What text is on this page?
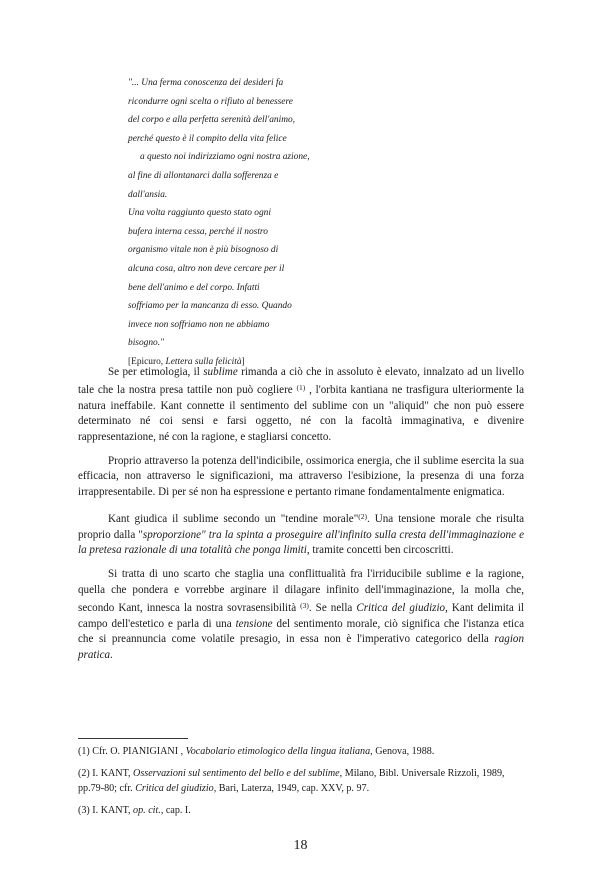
"... Una ferma conoscenza dei desideri fa
ricondurre ogni scelta o rifiuto al benessere
del corpo e alla perfetta serenità dell'animo,
perché questo è il compito della vita felice
a questo noi indirizziamo ogni nostra azione,
al fine di allontanarci dalla sofferenza e
dall'ansia.
Una volta raggiunto questo stato ogni
bufera interna cessa, perché il nostro
organismo vitale non è più bisognoso di
alcuna cosa, altro non deve cercare per il
bene dell'animo e del corpo. Infatti
soffriamo per la mancanza di esso. Quando
invece non soffriamo non ne abbiamo
bisogno."
[Epicuro, Lettera sulla felicità]

Se per etimologia, il sublime rimanda a ciò che in assoluto è elevato, innalzato ad un livello tale che la nostra presa tattile non può cogliere $^{(1)}$ , l'orbita kantiana ne trasfigura ulteriormente la natura ineffabile. Kant connette il sentimento del sublime con un "aliquid" che non può essere determinato né coi sensi e farsi oggetto, né con la facoltà immaginativa, e divenire rappresentazione, né con la ragione, e stagliarsi concetto.

Proprio attraverso la potenza dell'indicibile, ossimorica energia, che il sublime esercita la sua efficacia, non attraverso le significazioni, ma attraverso l'esibizione, la presenza di una forza irrappresentabile. Di per sé non ha espressione e pertanto rimane fondamentalmente enigmatica.

Kant giudica il sublime secondo un "tendine morale"$^{(2)}$. Una tensione morale che risulta proprio dalla "sproporzione" tra la spinta a proseguire all'infinito sulla cresta dell'immaginazione e la pretesa razionale di una totalità che ponga limiti, tramite concetti ben circoscritti.

Si tratta di uno scarto che staglia una conflittualità fra l'irriducibile sublime e la ragione, quella che pondera e vorrebbe arginare il dilagare infinito dell'immaginazione, la molla che, secondo Kant, innesca la nostra sovrasensibilità $^{(3)}$. Se nella Critica del giudizio, Kant delimita il campo dell'estetico e parla di una tensione del sentimento morale, ciò significa che l'istanza etica che si preannuncia come volatile presagio, in essa non è l'imperativo categorico della ragion pratica.

(1) Cfr. O. PIANIGIANI , Vocabolario etimologico della lingua italiana, Genova, 1988.

(2) I. KANT, Osservazioni sul sentimento del bello e del sublime, Milano, Bibl. Universale Rizzoli, 1989, pp.79-80; cfr. Critica del giudizio, Bari, Laterza, 1949, cap. XXV, p. 97.

(3) I. KANT, op. cit., cap. I.

18
